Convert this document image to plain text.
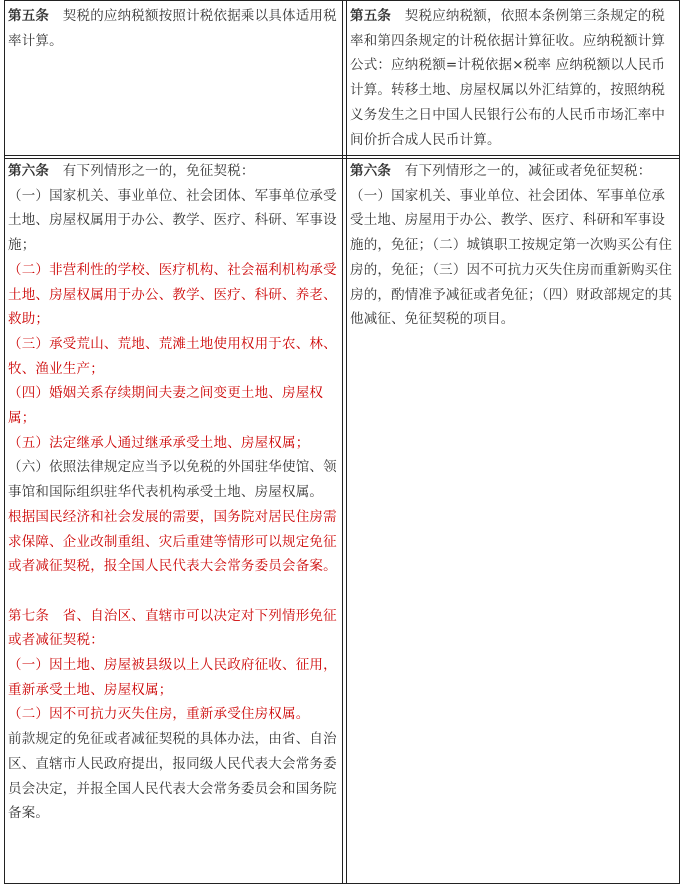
第五条　契税的应纳税额按照计税依据乘以具体适用税率计算。

第五条　契税应纳税额，依照本条例第三条规定的税率和第四条规定的计税依据计算征收。应纳税额计算公式：应纳税额=计税依据×税率 应纳税额以人民币计算。转移土地、房屋权属以外汇结算的，按照纳税义务发生之日中国人民银行公布的人民币市场汇率中间价折合成人民币计算。

第六条　有下列情形之一的，免征契税：

（一）国家机关、事业单位、社会团体、军事单位承受土地、房屋权属用于办公、教学、医疗、科研、军事设施；

（二）非营利性的学校、医疗机构、社会福利机构承受土地、房屋权属用于办公、教学、医疗、科研、养老、救助；

（三）承受荒山、荒地、荒滩土地使用权用于农、林、牧、渔业生产；

（四）婚姻关系存续期间夫妻之间变更土地、房屋权属；

（五）法定继承人通过继承承受土地、房屋权属；

（六）依照法律规定应当予以免税的外国驻华使馆、领事馆和国际组织驻华代表机构承受土地、房屋权属。

根据国民经济和社会发展的需要，国务院对居民住房需求保障、企业改制重组、灾后重建等情形可以规定免征或者减征契税，报全国人民代表大会常务委员会备案。

第七条　省、自治区、直辖市可以决定对下列情形免征或者减征契税：

（一）因土地、房屋被县级以上人民政府征收、征用，重新承受土地、房屋权属；

（二）因不可抗力灭失住房，重新承受住房权属。

前款规定的免征或者减征契税的具体办法，由省、自治区、直辖市人民政府提出，报同级人民代表大会常务委员会决定，并报全国人民代表大会常务委员会和国务院备案。

第六条　有下列情形之一的，减征或者免征契税：

（一）国家机关、事业单位、社会团体、军事单位承受土地、房屋用于办公、教学、医疗、科研和军事设施的，免征；（二）城镇职工按规定第一次购买公有住房的，免征；（三）因不可抗力灭失住房而重新购买住房的，酌情准予减征或者免征；（四）财政部规定的其他减征、免征契税的项目。
